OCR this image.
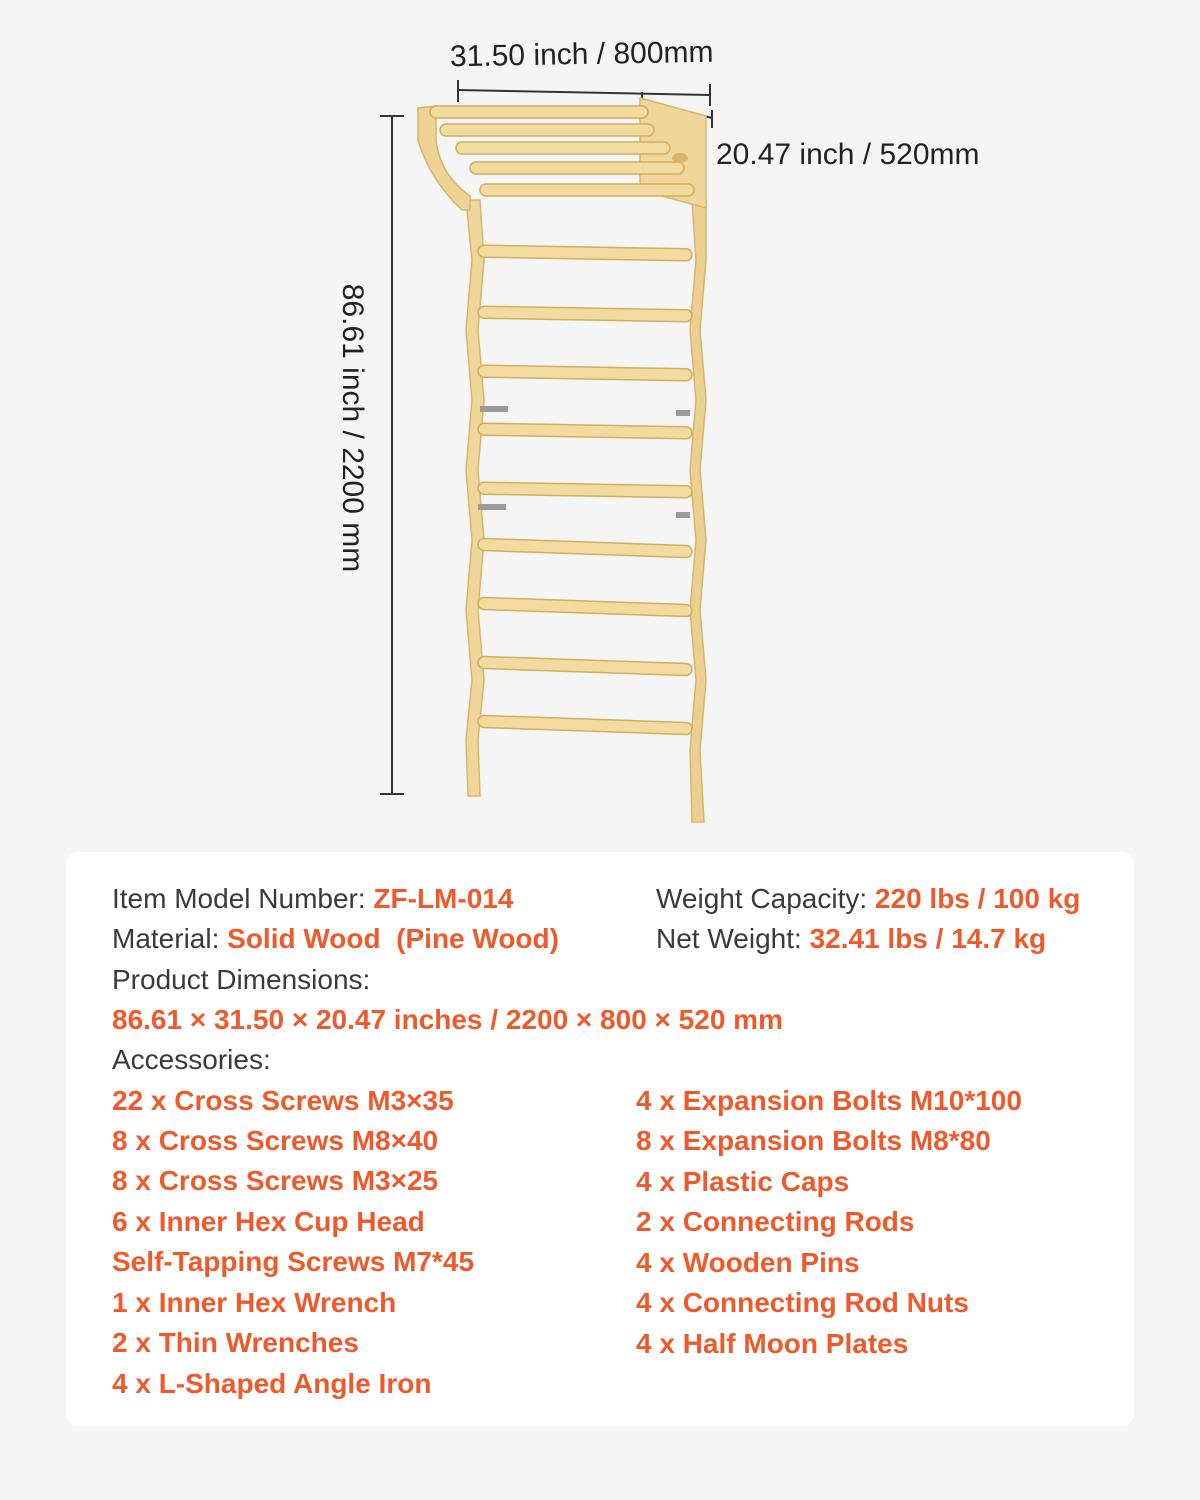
31.50 inch / 800mm
20.47 inch / 520mm
86.61 inch / 2200 mm
Item Model Number: ZF-LM-014	Weight Capacity: 220 lbs / 100 kg
Material: Solid Wood  (Pine Wood)	Net Weight: 32.41 lbs / 14.7 kg
Product Dimensions:
86.61 × 31.50 × 20.47 inches / 2200 × 800 × 520 mm
Accessories:
22 x Cross Screws M3×35
8 x Cross Screws M8×40
8 x Cross Screws M3×25
6 x Inner Hex Cup Head
Self-Tapping Screws M7*45
1 x Inner Hex Wrench
2 x Thin Wrenches
4 x L-Shaped Angle Iron
4 x Expansion Bolts M10*100
8 x Expansion Bolts M8*80
4 x Plastic Caps
2 x Connecting Rods
4 x Wooden Pins
4 x Connecting Rod Nuts
4 x Half Moon Plates
